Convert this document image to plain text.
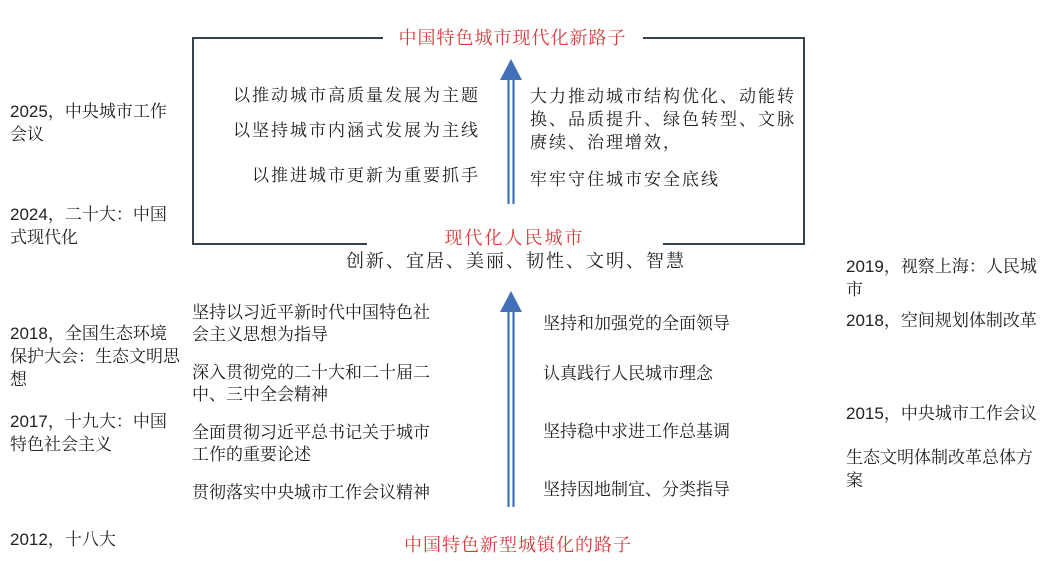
2025，中央城市工作会议
2024，二十大：中国式现代化
2018，全国生态环境保护大会：生态文明思想
2017，十九大：中国特色社会主义
2012，十八大
2019，视察上海：人民城市
2018，空间规划体制改革
2015，中央城市工作会议
生态文明体制改革总体方案
中国特色城市现代化新路子
以推动城市高质量发展为主题
以坚持城市内涵式发展为主线
以推进城市更新为重要抓手

大力推动城市结构优化、动能转换、品质提升、绿色转型、文脉赓续、治理增效，

牢牢守住城市安全底线

现代化人民城市
创新、宜居、美丽、韧性、文明、智慧

坚持以习近平新时代中国特色社会主义思想为指导

深入贯彻党的二十大和二十届二中、三中全会精神

全面贯彻习近平总书记关于城市工作的重要论述

贯彻落实中央城市工作会议精神

坚持和加强党的全面领导
认真践行人民城市理念
坚持稳中求进工作总基调
坚持因地制宜、分类指导
中国特色新型城镇化的路子
